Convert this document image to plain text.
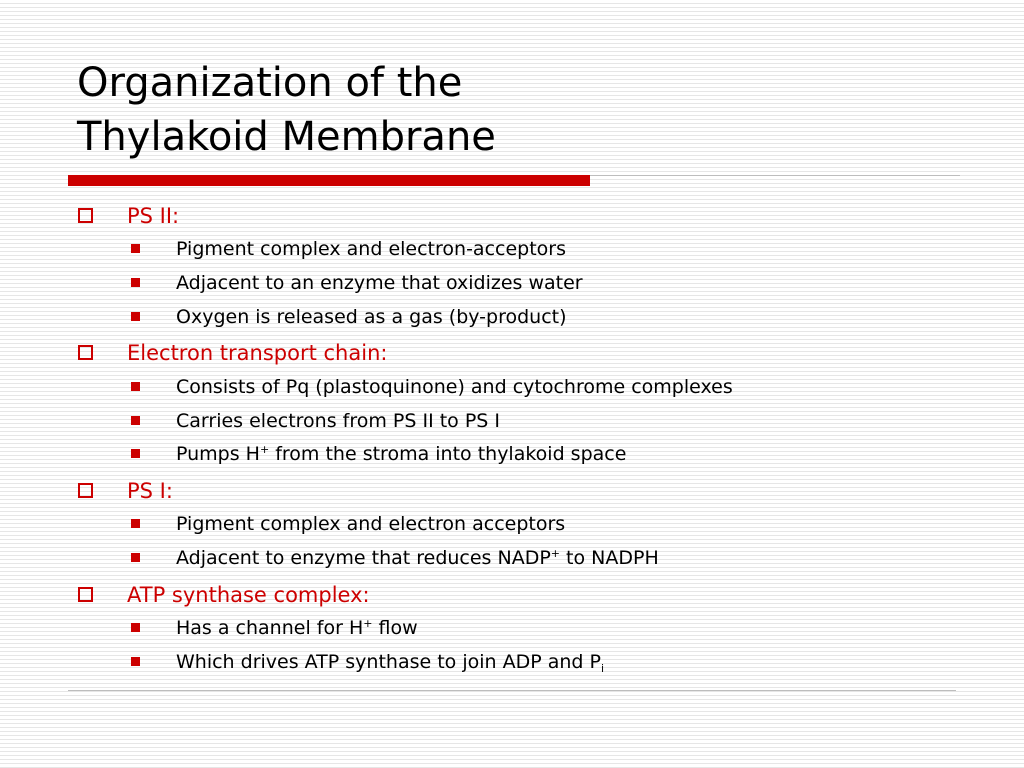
Organization of the
Thylakoid Membrane
PS II:
Pigment complex and electron-acceptors
Adjacent to an enzyme that oxidizes water
Oxygen is released as a gas (by-product)
Electron transport chain:
Consists of Pq (plastoquinone) and cytochrome complexes
Carries electrons from PS II to PS I
Pumps H+ from the stroma into thylakoid space
PS I:
Pigment complex and electron acceptors
Adjacent to enzyme that reduces NADP+ to NADPH
ATP synthase complex:
Has a channel for H+ flow
Which drives ATP synthase to join ADP and $P_i$
